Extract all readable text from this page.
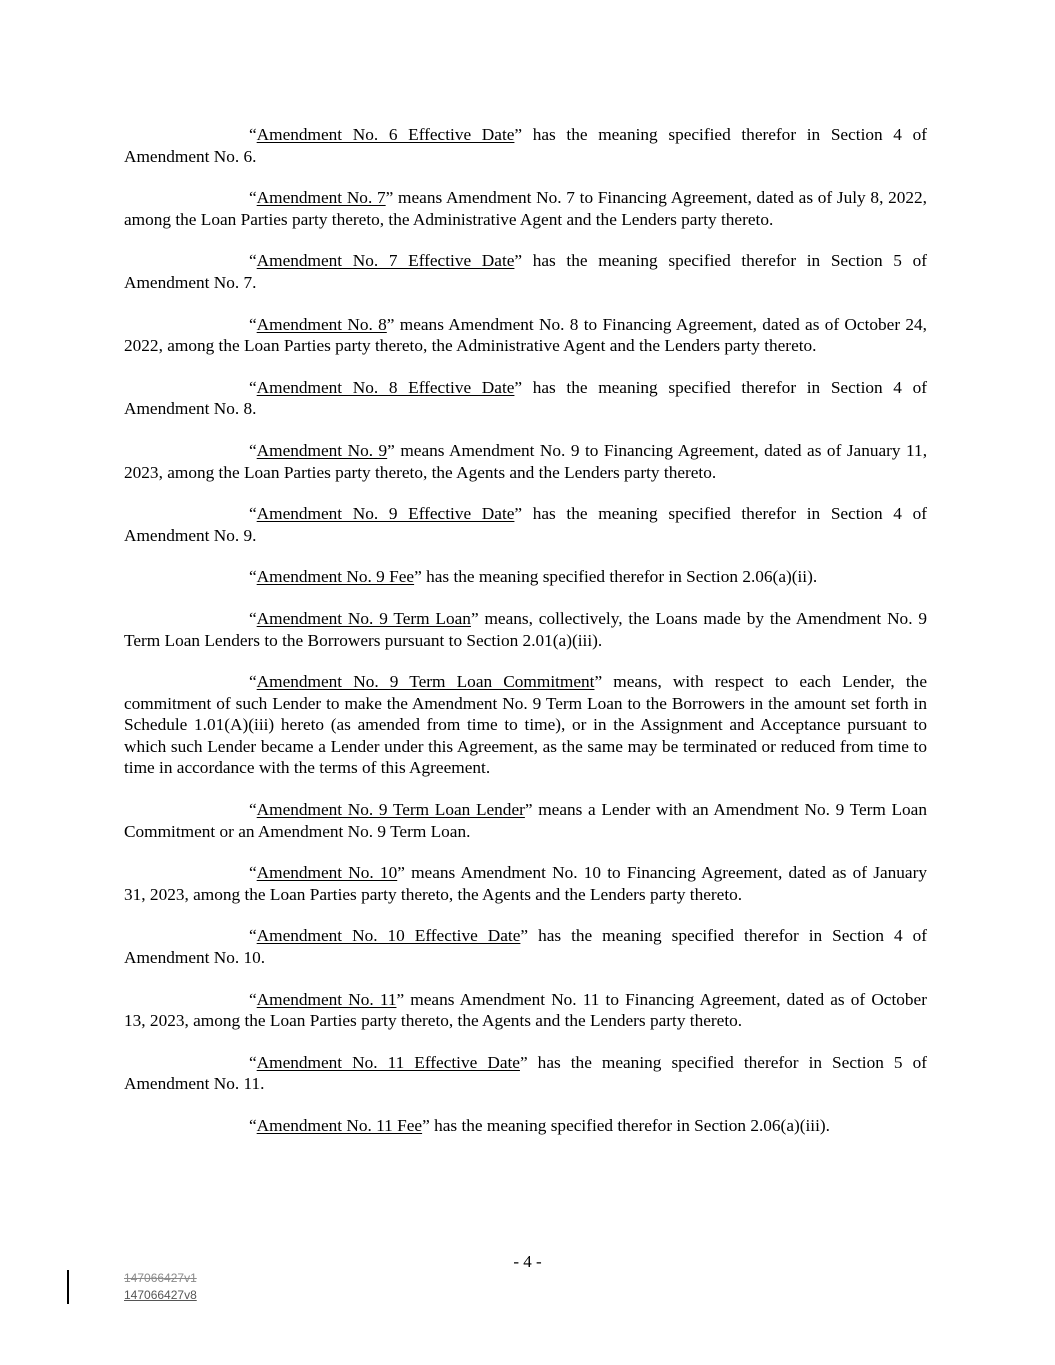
“Amendment No. 6 Effective Date” has the meaning specified therefor in Section 4 of Amendment No. 6.

“Amendment No. 7” means Amendment No. 7 to Financing Agreement, dated as of July 8, 2022, among the Loan Parties party thereto, the Administrative Agent and the Lenders party thereto.

“Amendment No. 7 Effective Date” has the meaning specified therefor in Section 5 of Amendment No. 7.

“Amendment No. 8” means Amendment No. 8 to Financing Agreement, dated as of October 24, 2022, among the Loan Parties party thereto, the Administrative Agent and the Lenders party thereto.

“Amendment No. 8 Effective Date” has the meaning specified therefor in Section 4 of Amendment No. 8.

“Amendment No. 9” means Amendment No. 9 to Financing Agreement, dated as of January 11, 2023, among the Loan Parties party thereto, the Agents and the Lenders party thereto.

“Amendment No. 9 Effective Date” has the meaning specified therefor in Section 4 of Amendment No. 9.

“Amendment No. 9 Fee” has the meaning specified therefor in Section 2.06(a)(ii).

“Amendment No. 9 Term Loan” means, collectively, the Loans made by the Amendment No. 9 Term Loan Lenders to the Borrowers pursuant to Section 2.01(a)(iii).

“Amendment No. 9 Term Loan Commitment” means, with respect to each Lender, the commitment of such Lender to make the Amendment No. 9 Term Loan to the Borrowers in the amount set forth in Schedule 1.01(A)(iii) hereto (as amended from time to time), or in the Assignment and Acceptance pursuant to which such Lender became a Lender under this Agreement, as the same may be terminated or reduced from time to time in accordance with the terms of this Agreement.

“Amendment No. 9 Term Loan Lender” means a Lender with an Amendment No. 9 Term Loan Commitment or an Amendment No. 9 Term Loan.

“Amendment No. 10” means Amendment No. 10 to Financing Agreement, dated as of January 31, 2023, among the Loan Parties party thereto, the Agents and the Lenders party thereto.

“Amendment No. 10 Effective Date” has the meaning specified therefor in Section 4 of Amendment No. 10.

“Amendment No. 11” means Amendment No. 11 to Financing Agreement, dated as of October 13, 2023, among the Loan Parties party thereto, the Agents and the Lenders party thereto.

“Amendment No. 11 Effective Date” has the meaning specified therefor in Section 5 of Amendment No. 11.

“Amendment No. 11 Fee” has the meaning specified therefor in Section 2.06(a)(iii).

- 4 -
147066427v1
147066427v8
